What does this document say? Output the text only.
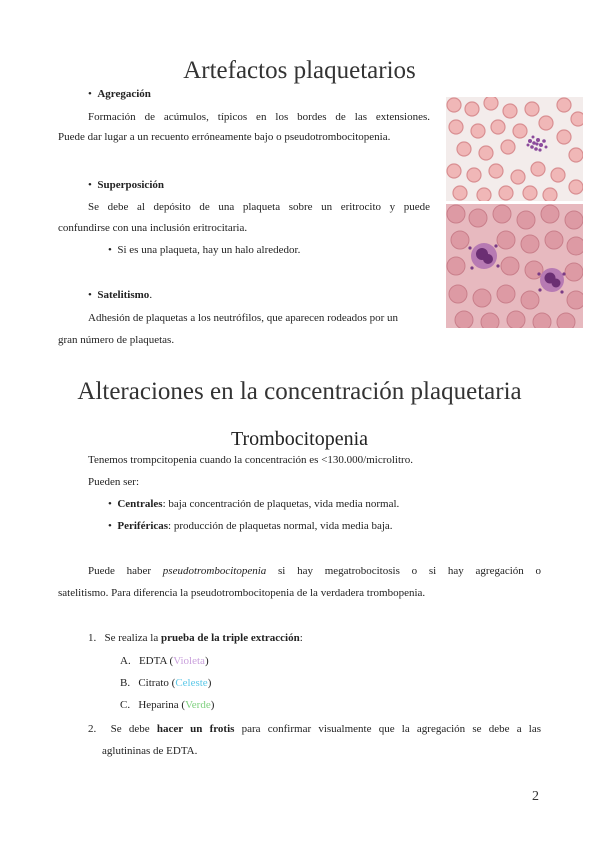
Artefactos plaquetarios
• Agregación
Formación de acúmulos, típicos en los bordes de las extensiones.
Puede dar lugar a un recuento erróneamente bajo o pseudotrombocitopenia.
• Superposición
Se debe al depósito de una plaqueta sobre un eritrocito y puede
confundirse con una inclusión eritrocitaria.
• Si es una plaqueta, hay un halo alrededor.
• Satelitismo.
Adhesión de plaquetas a los neutrófilos, que aparecen rodeados por un
gran número de plaquetas.
Alteraciones en la concentración plaquetaria
Trombocitopenia
Tenemos trompcitopenia cuando la concentración es <130.000/microlitro.
Pueden ser:
• Centrales: baja concentración de plaquetas, vida media normal.
• Periféricas: producción de plaquetas normal, vida media baja.
Puede haber pseudotrombocitopenia si hay megatrobocitosis o si hay agregación o
satelitismo. Para diferencia la pseudotrombocitopenia de la verdadera trombopenia.
1. Se realiza la prueba de la triple extracción:
A. EDTA (Violeta)
B. Citrato (Celeste)
C. Heparina (Verde)
2. Se debe hacer un frotis para confirmar visualmente que la agregación se debe a las
aglutininas de EDTA.
2
